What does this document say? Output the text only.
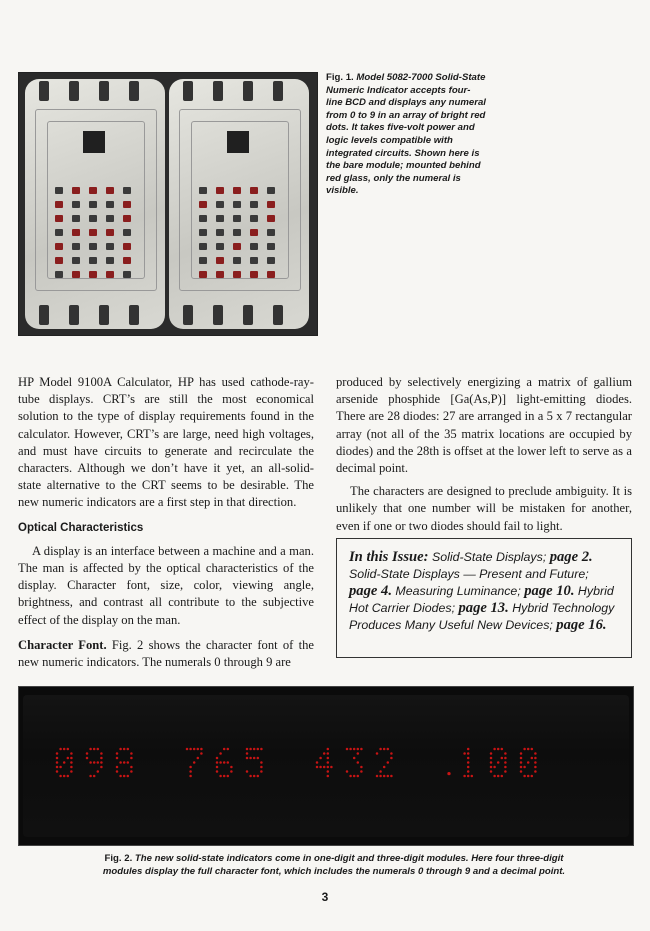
Fig. 1. Model 5082-7000 Solid-State Numeric Indicator accepts four-line BCD and displays any numeral from 0 to 9 in an array of bright red dots. It takes five-volt power and logic levels compatible with integrated circuits. Shown here is the bare module; mounted behind red glass, only the numeral is visible.

HP Model 9100A Calculator, HP has used cathode-ray-tube displays. CRT’s are still the most economical solution to the type of display requirements found in the calculator. However, CRT’s are large, need high voltages, and must have circuits to generate and recirculate the characters. Although we don’t have it yet, an all-solid-state alternative to the CRT seems to be desirable. The new numeric indicators are a first step in that direction.

Optical Characteristics

A display is an interface between a machine and a man. The man is affected by the optical characteristics of the display. Character font, size, color, viewing angle, brightness, and contrast all contribute to the subjective effect of the display on the man.

Character Font. Fig. 2 shows the character font of the new numeric indicators. The numerals 0 through 9 are

produced by selectively energizing a matrix of gallium arsenide phosphide [Ga(As,P)] light-emitting diodes. There are 28 diodes: 27 are arranged in a 5 x 7 rectangular array (not all of the 35 matrix locations are occupied by diodes) and the 28th is offset at the lower left to serve as a decimal point.

The characters are designed to preclude ambiguity. It is unlikely that one number will be mistaken for another, even if one or two diodes should fail to light.

In this Issue: Solid-State Displays; page 2. Solid-State Displays — Present and Future; page 4. Measuring Luminance; page 10. Hybrid Hot Carrier Diodes; page 13. Hybrid Technology Produces Many Useful New Devices; page 16.
Fig. 2. The new solid-state indicators come in one-digit and three-digit modules. Here four three-digit modules display the full character font, which includes the numerals 0 through 9 and a decimal point.
3
